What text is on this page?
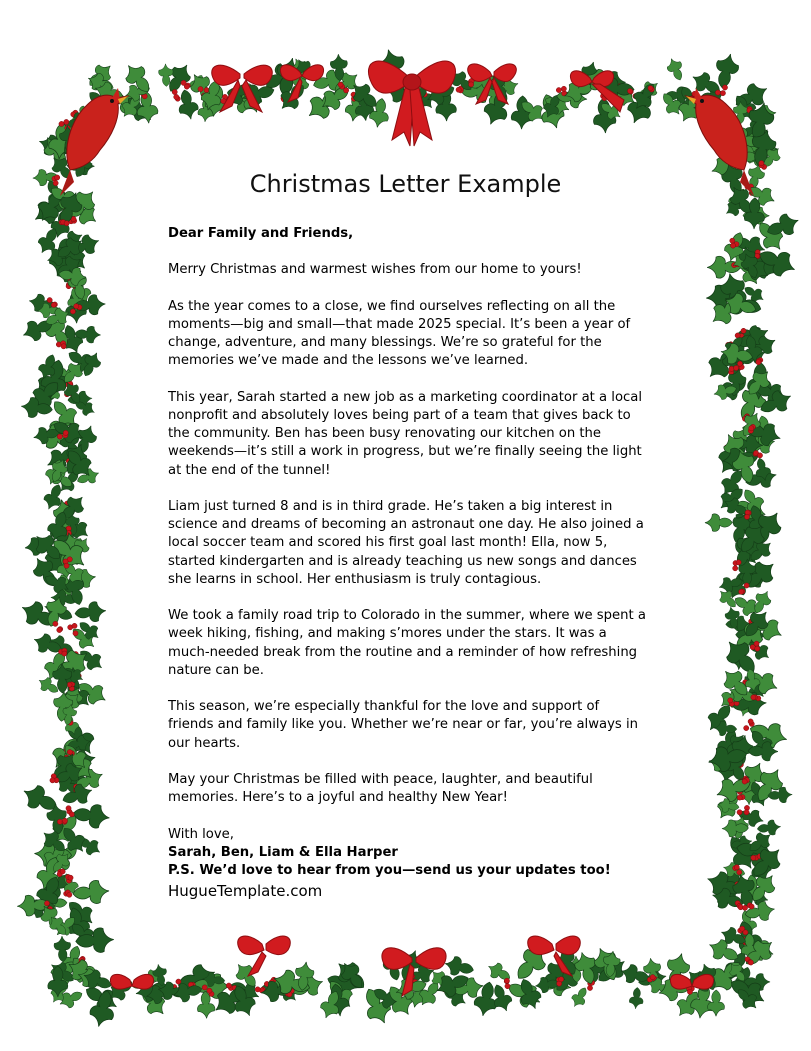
Christmas Letter Example

Dear Family and Friends,

Merry Christmas and warmest wishes from our home to yours!

As the year comes to a close, we find ourselves reflecting on all the moments—big and small—that made 2025 special. It’s been a year of change, adventure, and many blessings. We’re so grateful for the memories we’ve made and the lessons we’ve learned.

This year, Sarah started a new job as a marketing coordinator at a local nonprofit and absolutely loves being part of a team that gives back to the community. Ben has been busy renovating our kitchen on the weekends—it’s still a work in progress, but we’re finally seeing the light at the end of the tunnel!

Liam just turned 8 and is in third grade. He’s taken a big interest in science and dreams of becoming an astronaut one day. He also joined a local soccer team and scored his first goal last month! Ella, now 5, started kindergarten and is already teaching us new songs and dances she learns in school. Her enthusiasm is truly contagious.

We took a family road trip to Colorado in the summer, where we spent a week hiking, fishing, and making s’mores under the stars. It was a much-needed break from the routine and a reminder of how refreshing nature can be.

This season, we’re especially thankful for the love and support of friends and family like you. Whether we’re near or far, you’re always in our hearts.

May your Christmas be filled with peace, laughter, and beautiful memories. Here’s to a joyful and healthy New Year!

With love,
Sarah, Ben, Liam & Ella Harper
P.S. We’d love to hear from you—send us your updates too!
HugueTemplate.com
